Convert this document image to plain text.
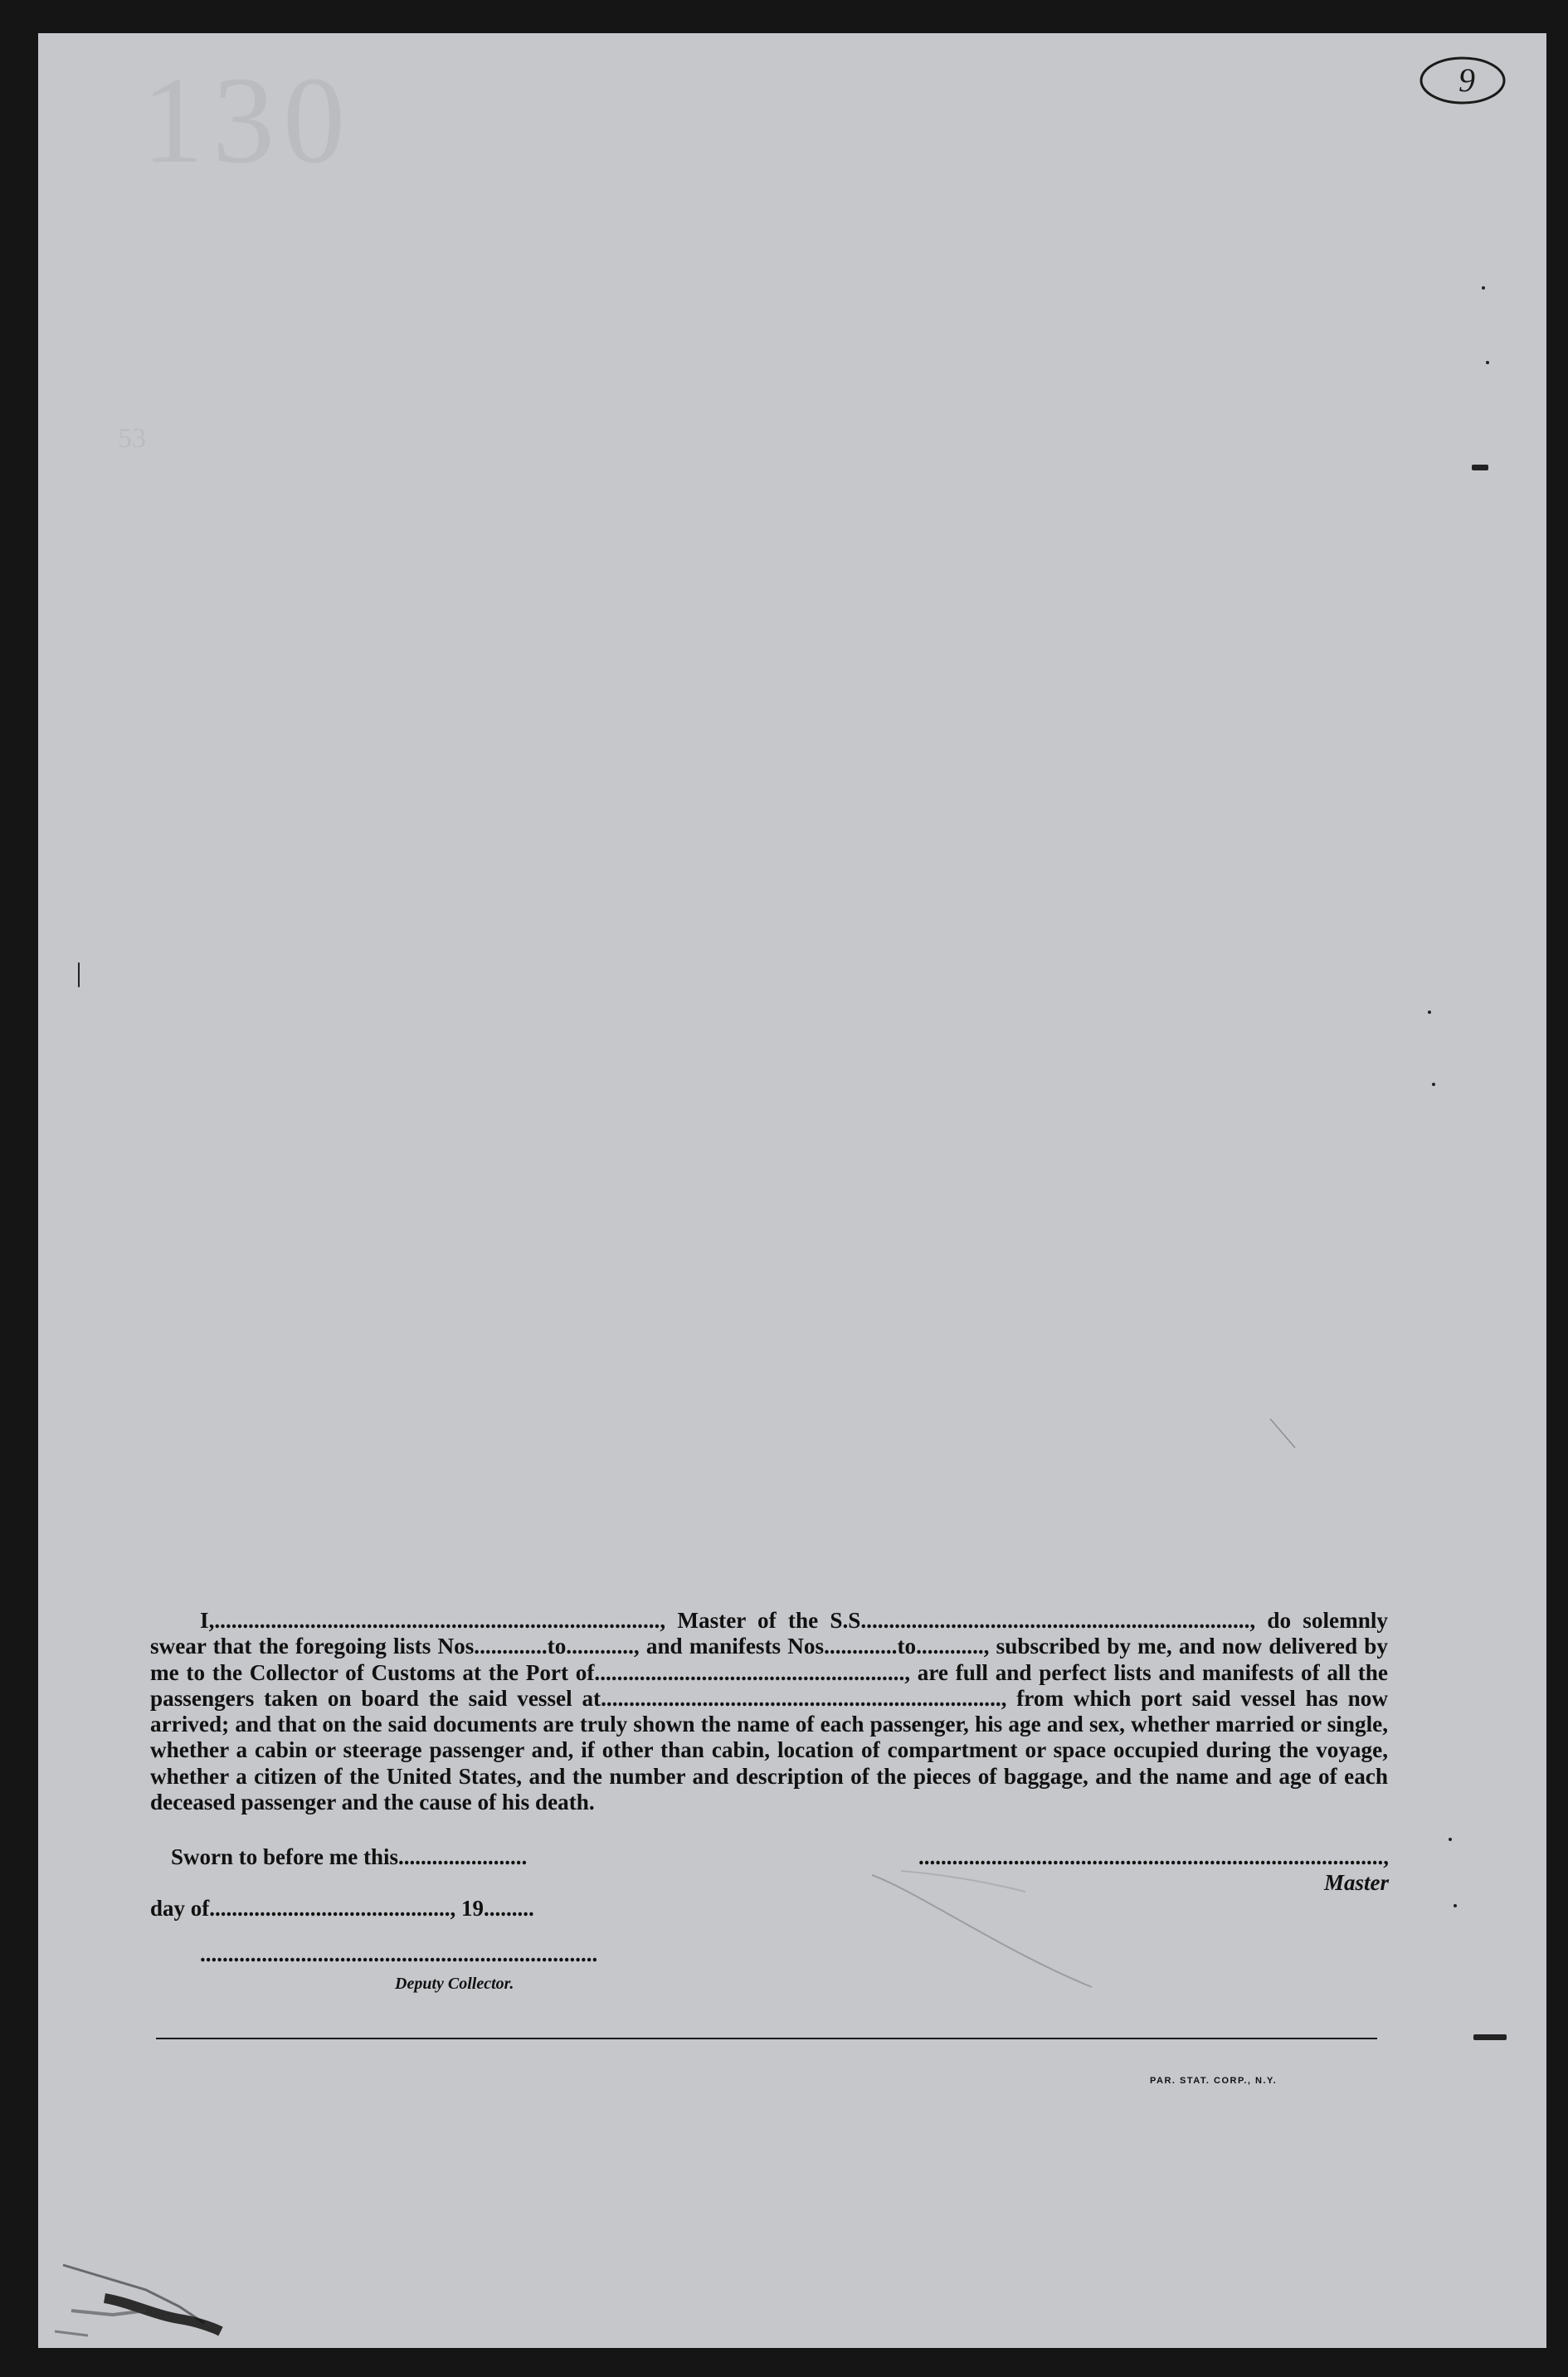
130
53
9

I,..............................................................................., Master of the S.S....................................................................., do solemnly swear that the foregoing lists Nos.............to............, and manifests Nos.............to............, subscribed by me, and now delivered by me to the Collector of Customs at the Port of......................................................., are full and perfect lists and manifests of all the passengers taken on board the said vessel at......................................................................., from which port said vessel has now arrived; and that on the said documents are truly shown the name of each passenger, his age and sex, whether married or single, whether a cabin or steerage passenger and, if other than cabin, location of compartment or space occupied during the voyage, whether a citizen of the United States, and the number and description of the pieces of baggage, and the name and age of each deceased passenger and the cause of his death.

Sworn to before me this.......................	..................................................................................., Master
day of..........................................., 19.........
.......................................................................
Deputy Collector.
PAR. STAT. CORP., N.Y.
